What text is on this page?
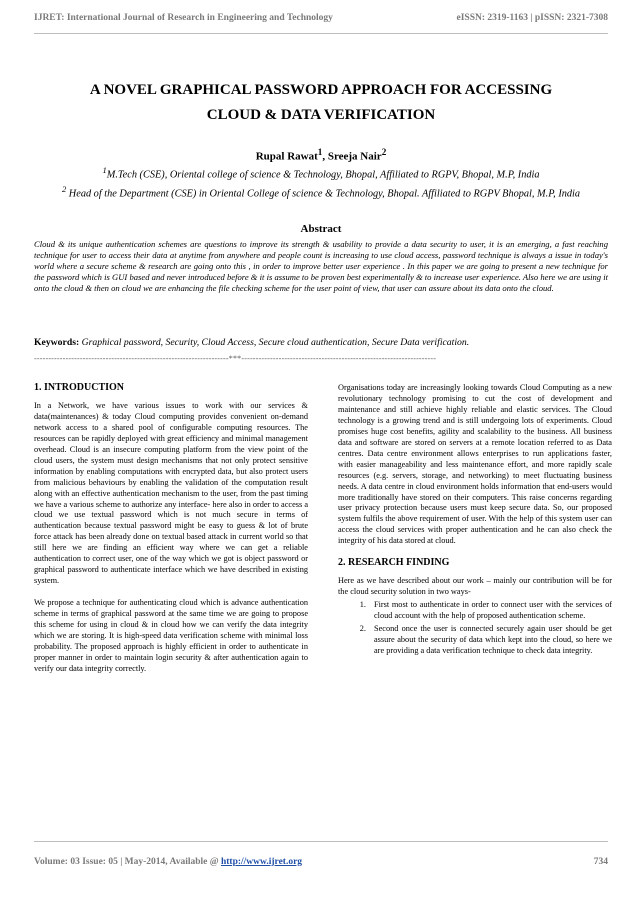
IJRET: International Journal of Research in Engineering and Technology	eISSN: 2319-1163 | pISSN: 2321-7308
A NOVEL GRAPHICAL PASSWORD APPROACH FOR ACCESSING
CLOUD & DATA VERIFICATION
Rupal Rawat$^1$, Sreeja Nair$^2$
$^1$M.Tech (CSE), Oriental college of science & Technology, Bhopal, Affiliated to RGPV, Bhopal, M.P, India
$^2$ Head of the Department (CSE) in Oriental College of science & Technology, Bhopal. Affiliated to RGPV Bhopal, M.P, India
Abstract
Cloud & its unique authentication schemes are questions to improve its strength & usability to provide a data security to user, it is an emerging, a fast reaching technique for user to access their data at anytime from anywhere and people count is increasing to use cloud access, password technique is always a issue in today's world where a secure scheme & research are going onto this , in order to improve better user experience . In this paper we are going to present a new technique for the password which is GUI based and never introduced before & it is assume to be proven best experimentally & to increase user experience. Also here we are using it onto the cloud & then on cloud we are enhancing the file checking scheme for the user point of view, that user can assure about its data onto the cloud.
Keywords: Graphical password, Security, Cloud Access, Secure cloud authentication, Secure Data verification.
--------------------------------------------------------------------***--------------------------------------------------------------------
1. INTRODUCTION

In a Network, we have various issues to work with our services & data(maintenances) & today Cloud computing provides convenient on-demand network access to a shared pool of configurable computing resources. The resources can be rapidly deployed with great efficiency and minimal management overhead. Cloud is an insecure computing platform from the view point of the cloud users, the system must design mechanisms that not only protect sensitive information by enabling computations with encrypted data, but also protect users from malicious behaviours by enabling the validation of the computation result along with an effective authentication mechanism to the user, from the past timing we have a various scheme to authorize any interface- here also in order to access a cloud we use textual password which is not much secure in terms of authentication because textual password might be easy to guess & lot of brute force attack has been already done on textual based attack in current world so that still here we are finding an efficient way where we can get a reliable authentication to correct user, one of the way which we got is object password or graphical password to authenticate interface which we have described in existing system.

We propose a technique for authenticating cloud which is advance authentication scheme in terms of graphical password at the same time we are going to propose this scheme for using in cloud & in cloud how we can verify the data integrity which we are storing. It is high-speed data verification scheme with minimal loss probability. The proposed approach is highly efficient in order to authenticate in proper manner in order to maintain login security & after authentication again to verify our data integrity correctly.

Organisations today are increasingly looking towards Cloud Computing as a new revolutionary technology promising to cut the cost of development and maintenance and still achieve highly reliable and elastic services. The Cloud technology is a growing trend and is still undergoing lots of experiments. Cloud promises huge cost benefits, agility and scalability to the business. All business data and software are stored on servers at a remote location referred to as Data centres. Data centre environment allows enterprises to run applications faster, with easier manageability and less maintenance effort, and more rapidly scale resources (e.g. servers, storage, and networking) to meet fluctuating business needs. A data centre in cloud environment holds information that end-users would more traditionally have stored on their computers. This raise concerns regarding user privacy protection because users must keep secure data. So, our proposed system fulfils the above requirement of user. With the help of this system user can access the cloud services with proper authentication and he can also check the integrity of his data stored at cloud.

2. RESEARCH FINDING

Here as we have described about our work – mainly our contribution will be for the cloud security solution in two ways-

1. First most to authenticate in order to connect user with the services of cloud account with the help of proposed authentication scheme.
2. Second once the user is connected securely again user should be get assure about the security of data which kept into the cloud, so here we are providing a data verification technique to check data integrity.
Volume: 03 Issue: 05 | May-2014, Available @ http://www.ijret.org	734
